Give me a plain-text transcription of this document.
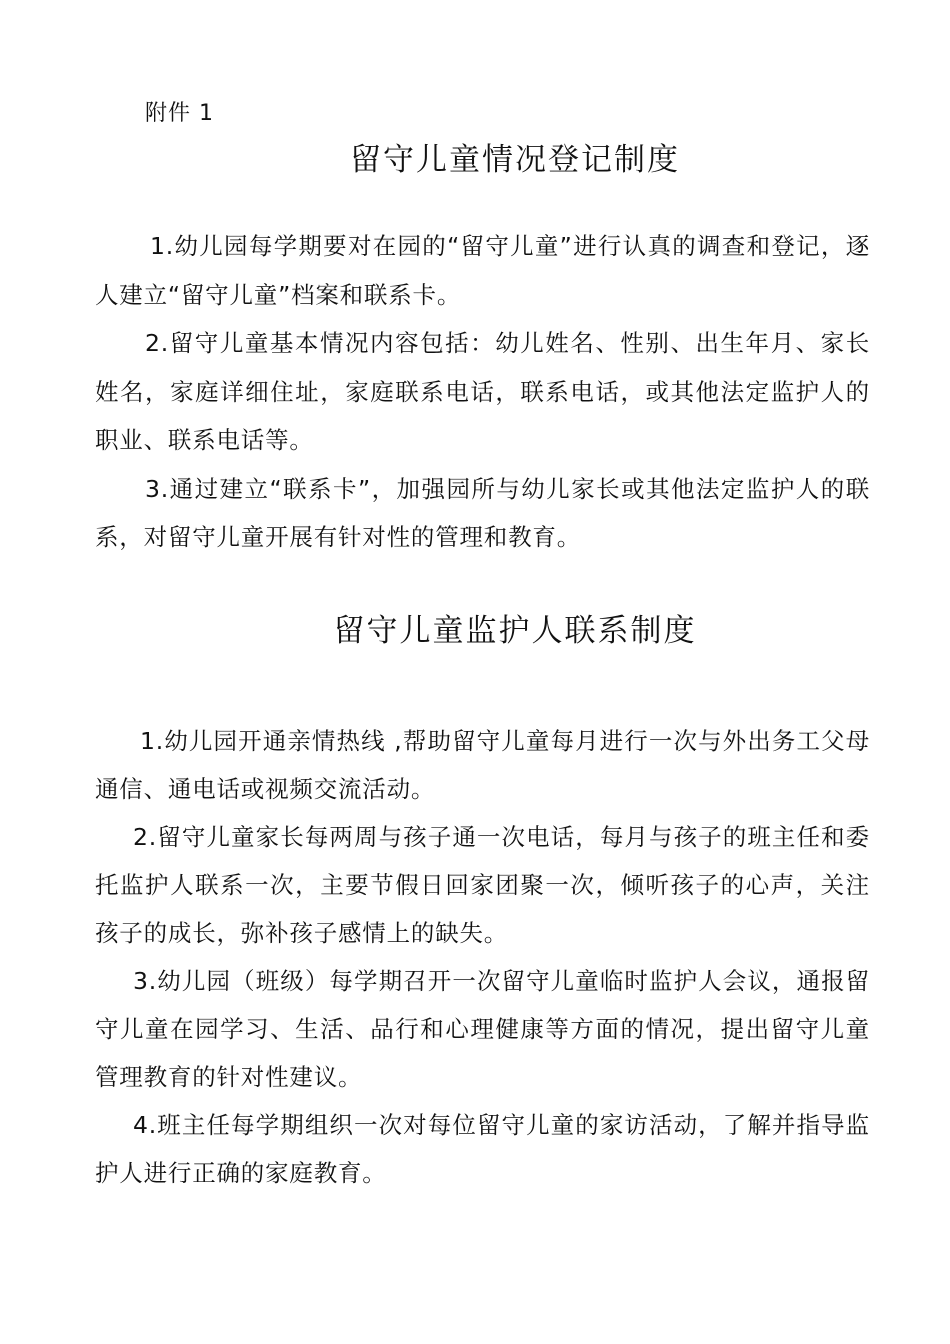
附件 1
留守儿童情况登记制度

1.幼儿园每学期要对在园的“留守儿童”进行认真的调查和登记，逐人建立“留守儿童”档案和联系卡。

2.留守儿童基本情况内容包括：幼儿姓名、性别、出生年月、家长姓名，家庭详细住址，家庭联系电话，联系电话，或其他法定监护人的职业、联系电话等。

3.通过建立“联系卡”，加强园所与幼儿家长或其他法定监护人的联系，对留守儿童开展有针对性的管理和教育。

留守儿童监护人联系制度

1.幼儿园开通亲情热线 ,帮助留守儿童每月进行一次与外出务工父母通信、通电话或视频交流活动。

2.留守儿童家长每两周与孩子通一次电话，每月与孩子的班主任和委托监护人联系一次，主要节假日回家团聚一次，倾听孩子的心声，关注孩子的成长，弥补孩子感情上的缺失。

3.幼儿园（班级）每学期召开一次留守儿童临时监护人会议，通报留守儿童在园学习、生活、品行和心理健康等方面的情况，提出留守儿童管理教育的针对性建议。

4.班主任每学期组织一次对每位留守儿童的家访活动，了解并指导监护人进行正确的家庭教育。
